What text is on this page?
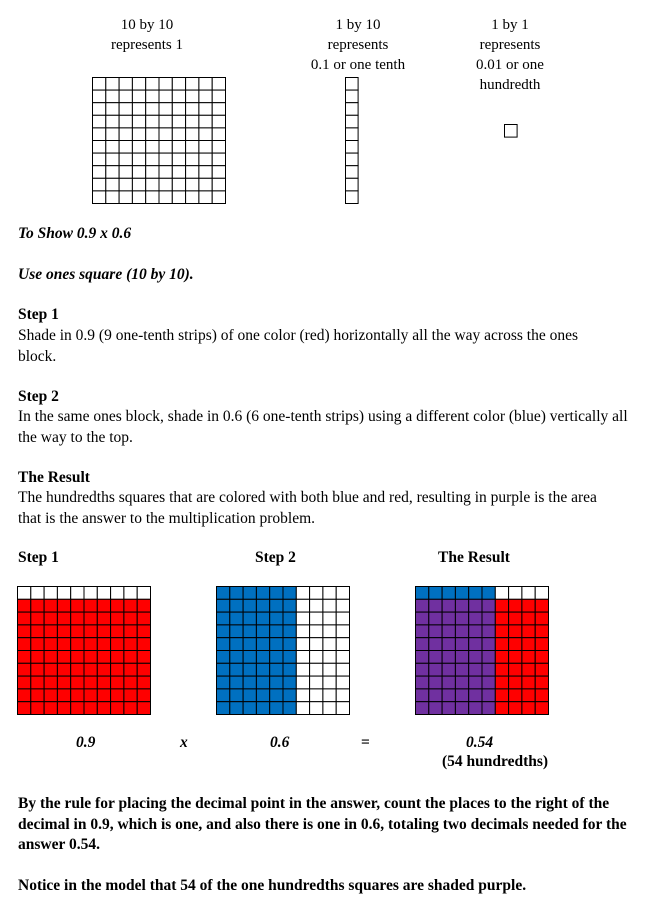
10 by 10
represents 1
1 by 10
represents
0.1 or one tenth
1 by 1
represents
0.01 or one
hundredth
To Show 0.9 x 0.6
Use ones square (10 by 10).
Step 1
Shade in 0.9 (9 one-tenth strips) of one color (red) horizontally all the way across the ones block.
Step 2
In the same ones block, shade in 0.6 (6 one-tenth strips) using a different color (blue) vertically all the way to the top.
The Result
The hundredths squares that are colored with both blue and red, resulting in purple is the area that is the answer to the multiplication problem.
Step 1	Step 2	The Result
0.9	x	0.6	=	0.54
(54 hundredths)
By the rule for placing the decimal point in the answer, count the places to the right of the decimal in 0.9, which is one, and also there is one in 0.6, totaling two decimals needed for the answer 0.54.
Notice in the model that 54 of the one hundredths squares are shaded purple.
